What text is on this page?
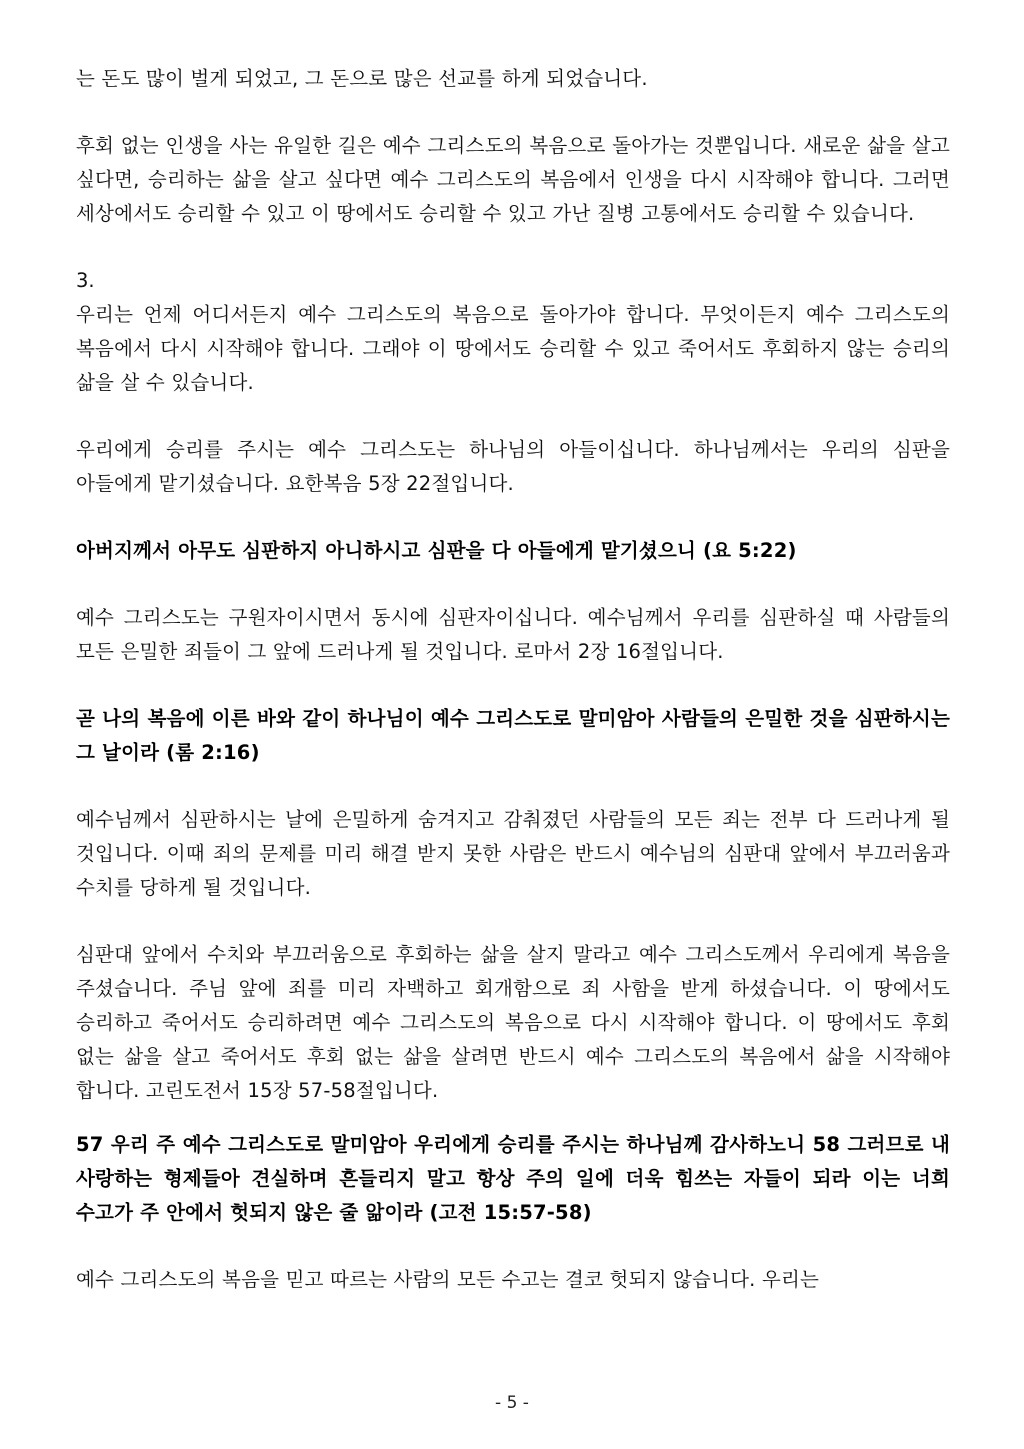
는 돈도 많이 벌게 되었고, 그 돈으로 많은 선교를 하게 되었습니다.

후회 없는 인생을 사는 유일한 길은 예수 그리스도의 복음으로 돌아가는 것뿐입니다. 새로운 삶을 살고 싶다면, 승리하는 삶을 살고 싶다면 예수 그리스도의 복음에서 인생을 다시 시작해야 합니다. 그러면 세상에서도 승리할 수 있고 이 땅에서도 승리할 수 있고 가난 질병 고통에서도 승리할 수 있습니다.

3.

우리는 언제 어디서든지 예수 그리스도의 복음으로 돌아가야 합니다. 무엇이든지 예수 그리스도의 복음에서 다시 시작해야 합니다. 그래야 이 땅에서도 승리할 수 있고 죽어서도 후회하지 않는 승리의 삶을 살 수 있습니다.

우리에게 승리를 주시는 예수 그리스도는 하나님의 아들이십니다. 하나님께서는 우리의 심판을 아들에게 맡기셨습니다. 요한복음 5장 22절입니다.

아버지께서 아무도 심판하지 아니하시고 심판을 다 아들에게 맡기셨으니 (요 5:22)

예수 그리스도는 구원자이시면서 동시에 심판자이십니다. 예수님께서 우리를 심판하실 때 사람들의 모든 은밀한 죄들이 그 앞에 드러나게 될 것입니다. 로마서 2장 16절입니다.

곧 나의 복음에 이른 바와 같이 하나님이 예수 그리스도로 말미암아 사람들의 은밀한 것을 심판하시는 그 날이라 (롬 2:16)

예수님께서 심판하시는 날에 은밀하게 숨겨지고 감춰졌던 사람들의 모든 죄는 전부 다 드러나게 될 것입니다. 이때 죄의 문제를 미리 해결 받지 못한 사람은 반드시 예수님의 심판대 앞에서 부끄러움과 수치를 당하게 될 것입니다.

심판대 앞에서 수치와 부끄러움으로 후회하는 삶을 살지 말라고 예수 그리스도께서 우리에게 복음을 주셨습니다. 주님 앞에 죄를 미리 자백하고 회개함으로 죄 사함을 받게 하셨습니다. 이 땅에서도 승리하고 죽어서도 승리하려면 예수 그리스도의 복음으로 다시 시작해야 합니다. 이 땅에서도 후회 없는 삶을 살고 죽어서도 후회 없는 삶을 살려면 반드시 예수 그리스도의 복음에서 삶을 시작해야 합니다. 고린도전서 15장 57-58절입니다.

57 우리 주 예수 그리스도로 말미암아 우리에게 승리를 주시는 하나님께 감사하노니 58 그러므로 내 사랑하는 형제들아 견실하며 흔들리지 말고 항상 주의 일에 더욱 힘쓰는 자들이 되라 이는 너희 수고가 주 안에서 헛되지 않은 줄 앎이라 (고전 15:57-58)

예수 그리스도의 복음을 믿고 따르는 사람의 모든 수고는 결코 헛되지 않습니다. 우리는

- 5 -
